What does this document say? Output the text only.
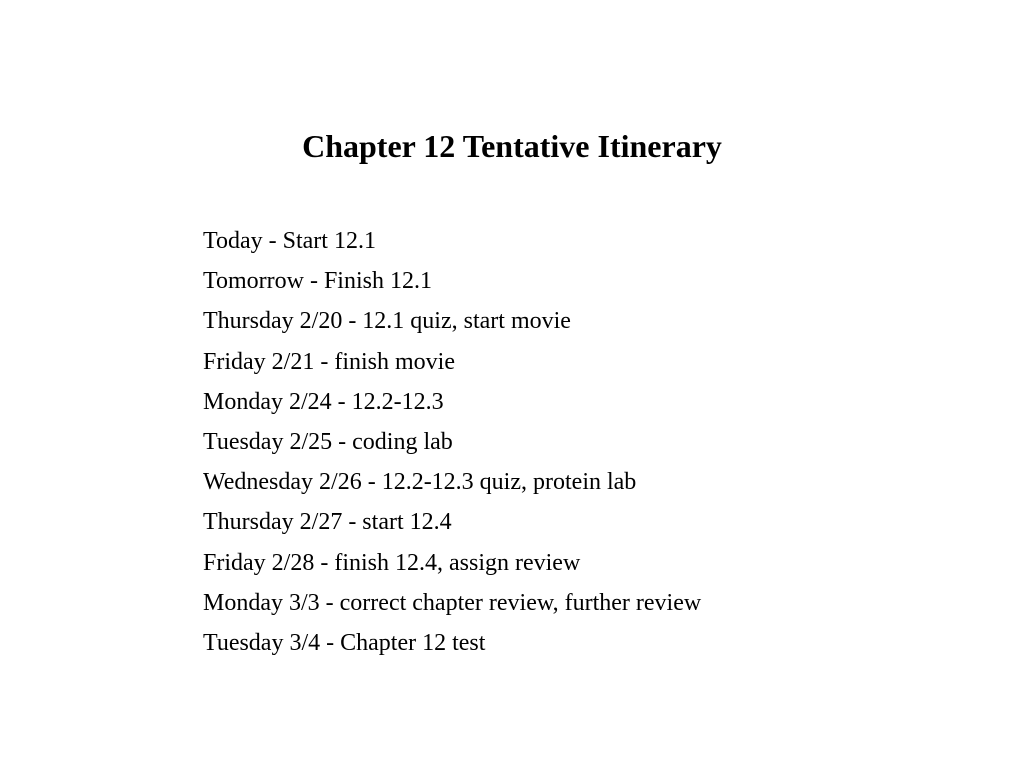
Chapter 12 Tentative Itinerary
Today - Start 12.1
Tomorrow - Finish 12.1
Thursday 2/20 - 12.1 quiz, start movie
Friday 2/21 - finish movie
Monday 2/24 - 12.2-12.3
Tuesday 2/25 - coding lab
Wednesday 2/26 - 12.2-12.3 quiz, protein lab
Thursday 2/27 - start 12.4
Friday 2/28 - finish 12.4, assign review
Monday 3/3 - correct chapter review, further review
Tuesday 3/4 - Chapter 12 test
